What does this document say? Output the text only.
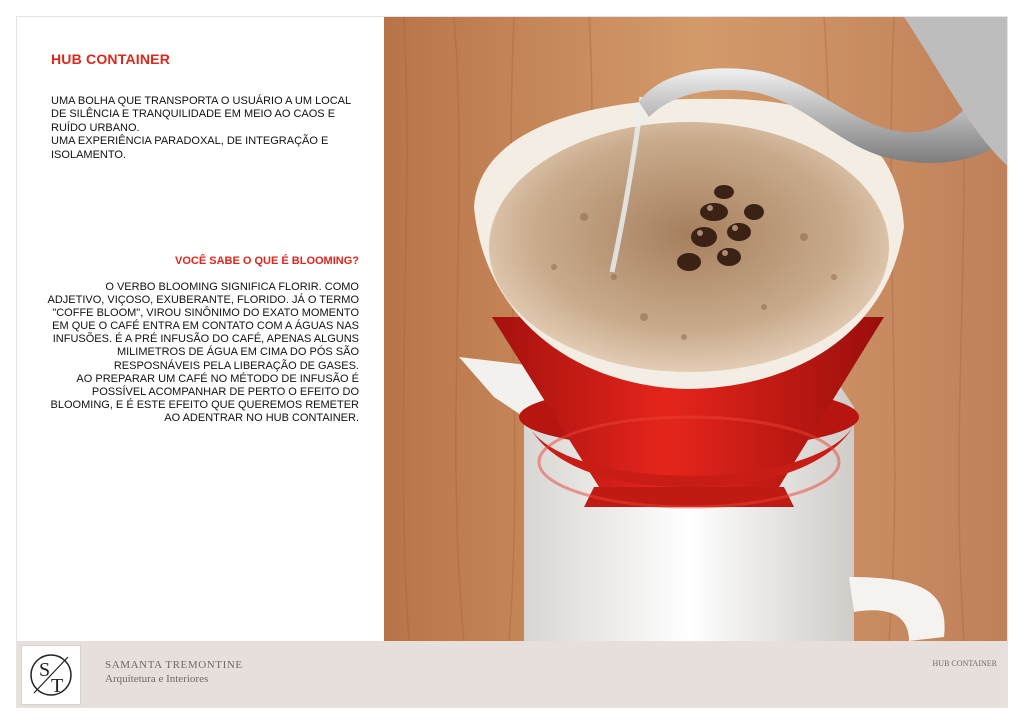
HUB CONTAINER

UMA BOLHA QUE TRANSPORTA O USUÁRIO A UM LOCAL DE SILÊNCIA E TRANQUILIDADE EM MEIO AO CAOS E RUÍDO URBANO.

UMA EXPERIÊNCIA PARADOXAL, DE INTEGRAÇÃO E ISOLAMENTO.

VOCÊ SABE O QUE É BLOOMING?

O VERBO BLOOMING SIGNIFICA FLORIR. COMO ADJETIVO, VIÇOSO, EXUBERANTE, FLORIDO. JÁ O TERMO "COFFE BLOOM", VIROU SINÔNIMO DO EXATO MOMENTO EM QUE O CAFÉ ENTRA EM CONTATO COM A ÁGUAS NAS INFUSÕES. É A PRÉ INFUSÃO DO CAFÉ, APENAS ALGUNS MILIMETROS DE ÁGUA EM CIMA DO PÓS SÃO RESPOSNÁVEIS PELA LIBERAÇÃO DE GASES.

AO PREPARAR UM CAFÉ NO MÉTODO DE INFUSÃO É POSSÍVEL ACOMPANHAR DE PERTO O EFEITO DO BLOOMING, E É ESTE EFEITO QUE QUEREMOS REMETER AO ADENTRAR NO HUB CONTAINER.

S
T

SAMANTA TREMONTINE

Arquitetura e Interiores

HUB CONTAINER
